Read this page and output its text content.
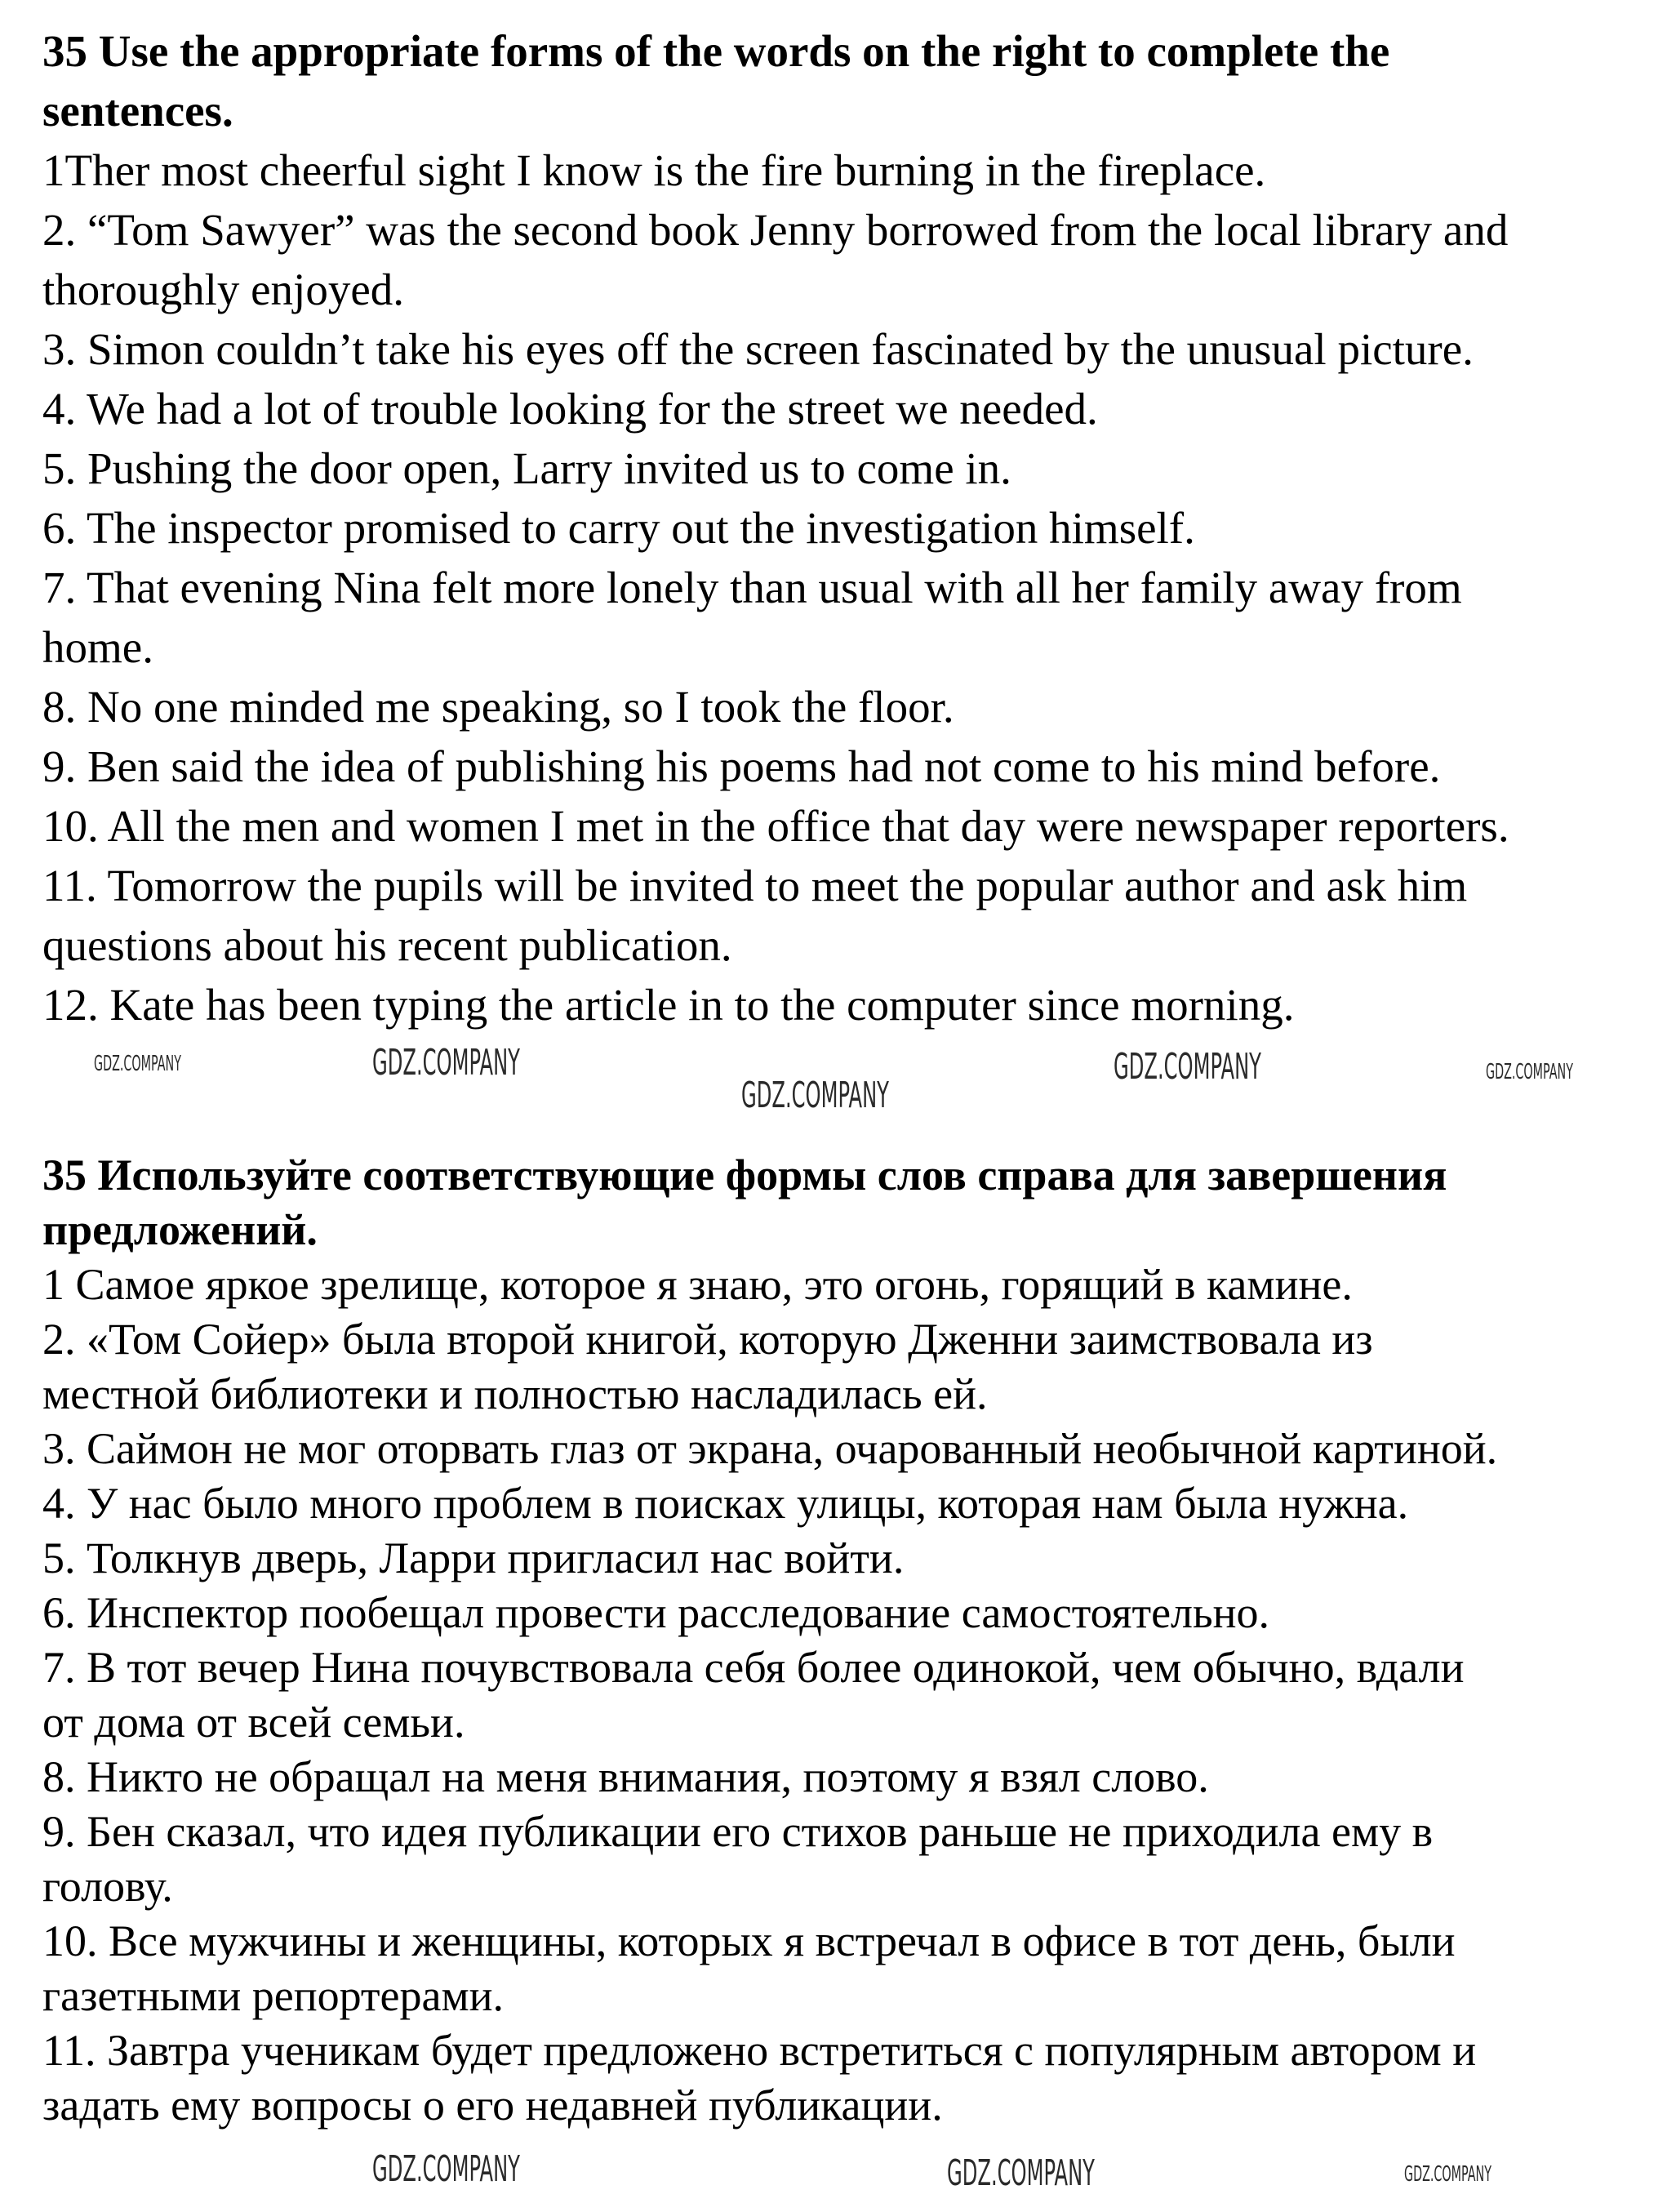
35 Use the appropriate forms of the words on the right to complete the
sentences.
1Ther most cheerful sight I know is the fire burning in the fireplace.
2. “Tom Sawyer” was the second book Jenny borrowed from the local library and
thoroughly enjoyed.
3. Simon couldn’t take his eyes off the screen fascinated by the unusual picture.
4. We had a lot of trouble looking for the street we needed.
5. Pushing the door open, Larry invited us to come in.
6. The inspector promised to carry out the investigation himself.
7. That evening Nina felt more lonely than usual with all her family away from
home.
8. No one minded me speaking, so I took the floor.
9. Ben said the idea of publishing his poems had not come to his mind before.
10. All the men and women I met in the office that day were newspaper reporters.
11. Tomorrow the pupils will be invited to meet the popular author and ask him
questions about his recent publication.
12. Kate has been typing the article in to the computer since morning.
35 Используйте соответствующие формы слов справа для завершения
предложений.
1 Самое яркое зрелище, которое я знаю, это огонь, горящий в камине.
2. «Том Сойер» была второй книгой, которую Дженни заимствовала из
местной библиотеки и полностью насладилась ей.
3. Саймон не мог оторвать глаз от экрана, очарованный необычной картиной.
4. У нас было много проблем в поисках улицы, которая нам была нужна.
5. Толкнув дверь, Ларри пригласил нас войти.
6. Инспектор пообещал провести расследование самостоятельно.
7. В тот вечер Нина почувствовала себя более одинокой, чем обычно, вдали
от дома от всей семьи.
8. Никто не обращал на меня внимания, поэтому я взял слово.
9. Бен сказал, что идея публикации его стихов раньше не приходила ему в
голову.
10. Все мужчины и женщины, которых я встречал в офисе в тот день, были
газетными репортерами.
11. Завтра ученикам будет предложено встретиться с популярным автором и
задать ему вопросы о его недавней публикации.
GDZ.COMPANY	GDZ.COMPANY
GDZ.COMPANY
GDZ.COMPANY	GDZ.COMPANY
GDZ.COMPANY	GDZ.COMPANY	GDZ.COMPANY
